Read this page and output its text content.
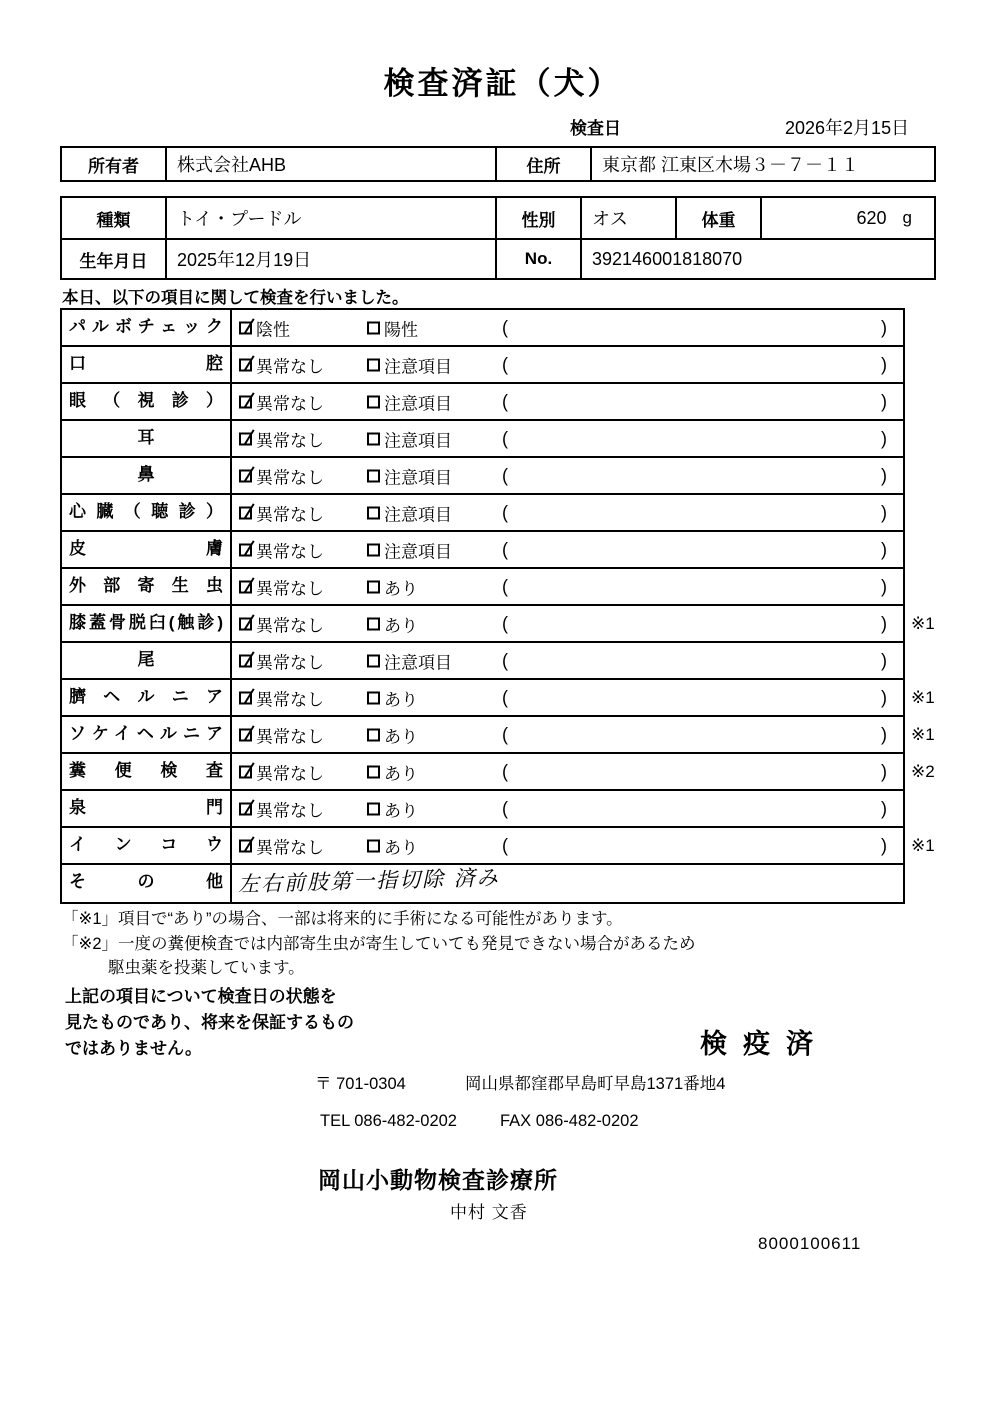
検査済証（犬）
検査日	2026年2月15日
所有者	株式会社AHB	住所	東京都 江東区木場３－７－１１
種類	トイ・プードル	性別	オス	体重	620 g
生年月日	2025年12月19日	No.	392146001818070
本日、以下の項目に関して検査を行いました。
パルボチェック	陰性	陽性	(	)
口腔	異常なし	注意項目	(	)
眼（視診）	異常なし	注意項目	(	)
耳	異常なし	注意項目	(	)
鼻	異常なし	注意項目	(	)
心臓（聴診）	異常なし	注意項目	(	)
皮膚	異常なし	注意項目	(	)
外部寄生虫	異常なし	あり	(	)
膝蓋骨脱臼(触診)	異常なし	あり	(	) ※1
尾	異常なし	注意項目	(	)
臍ヘルニア	異常なし	あり	(	) ※1
ソケイヘルニア	異常なし	あり	(	) ※1
糞便検査	異常なし	あり	(	) ※2
泉門	異常なし	あり	(	)
インコウ	異常なし	あり	(	) ※1
その他 左右前肢第一指切除 済み
「※1」項目で“あり”の場合、一部は将来的に手術になる可能性があります。
「※2」一度の糞便検査では内部寄生虫が寄生していても発見できない場合があるため
駆虫薬を投薬しています。
上記の項目について検査日の状態を
見たものであり、将来を保証するもの
ではありません。	検疫済
〒 701-0304	岡山県都窪郡早島町早島1371番地4
TEL 086-482-0202	FAX 086-482-0202
岡山小動物検査診療所
中村 文香
8000100611
